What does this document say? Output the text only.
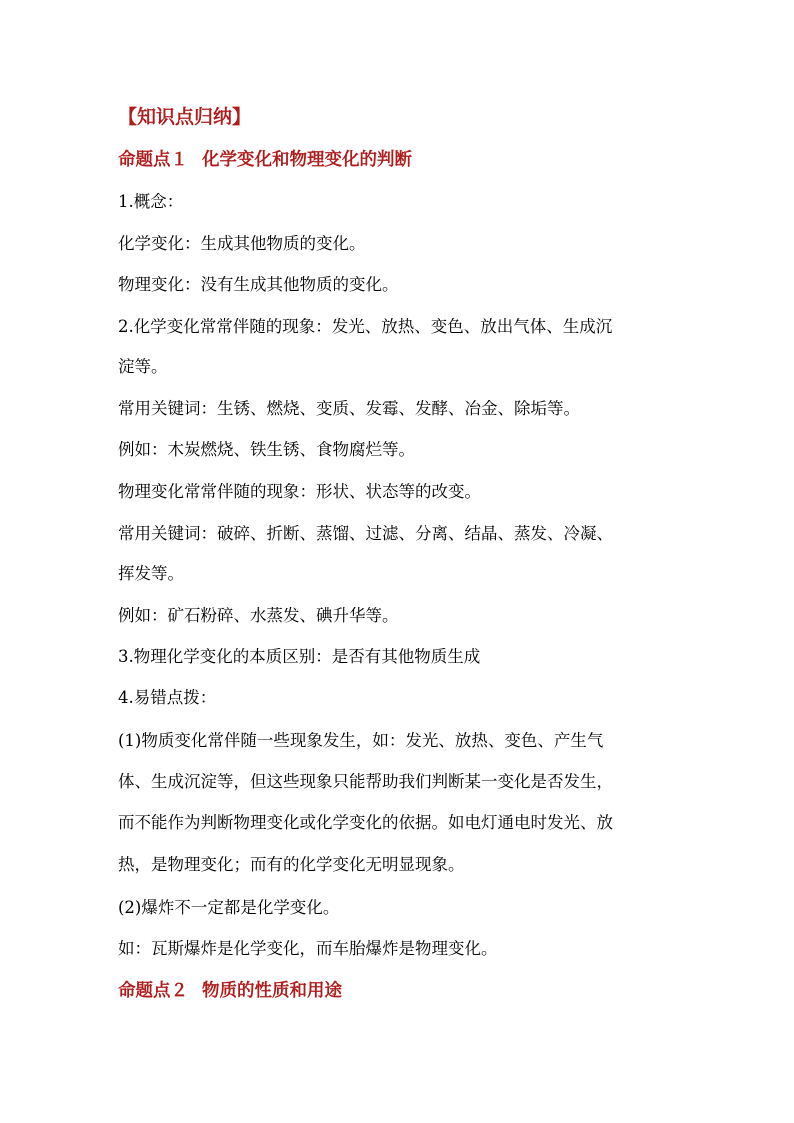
【知识点归纳】
命题点１ 化学变化和物理变化的判断
1.概念：
化学变化：生成其他物质的变化。
物理变化：没有生成其他物质的变化。
2.化学变化常常伴随的现象：发光、放热、变色、放出气体、生成沉
淀等。
常用关键词：生锈、燃烧、变质、发霉、发酵、冶金、除垢等。
例如：木炭燃烧、铁生锈、食物腐烂等。
物理变化常常伴随的现象：形状、状态等的改变。
常用关键词：破碎、折断、蒸馏、过滤、分离、结晶、蒸发、冷凝、
挥发等。
例如：矿石粉碎、水蒸发、碘升华等。
3.物理化学变化的本质区别：是否有其他物质生成
4.易错点拨：
(1)物质变化常伴随一些现象发生，如：发光、放热、变色、产生气
体、生成沉淀等，但这些现象只能帮助我们判断某一变化是否发生，
而不能作为判断物理变化或化学变化的依据。如电灯通电时发光、放
热，是物理变化；而有的化学变化无明显现象。
(2)爆炸不一定都是化学变化。
如：瓦斯爆炸是化学变化，而车胎爆炸是物理变化。
命题点２ 物质的性质和用途
